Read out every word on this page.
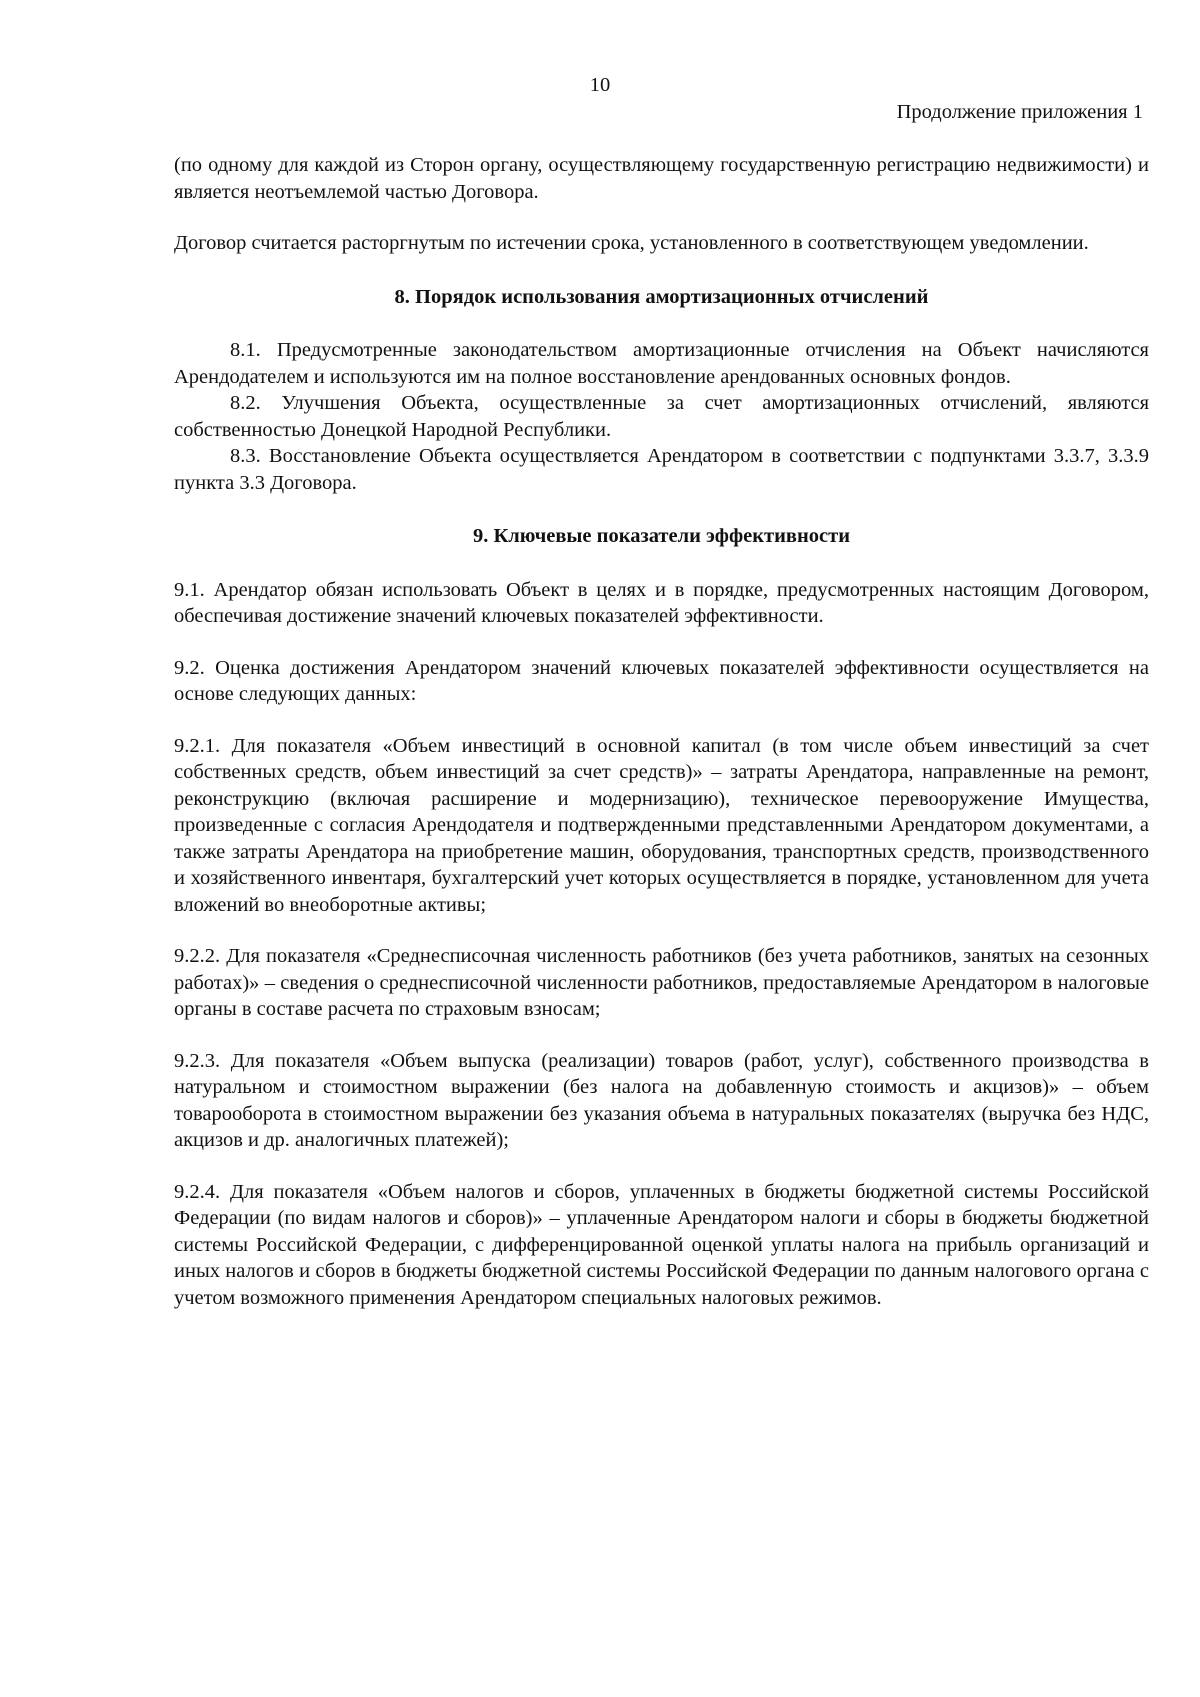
10
Продолжение приложения 1

(по одному для каждой из Сторон органу, осуществляющему государственную регистрацию недвижимости) и является неотъемлемой частью Договора.

Договор считается расторгнутым по истечении срока, установленного в соответствующем уведомлении.

8. Порядок использования амортизационных отчислений

8.1. Предусмотренные законодательством амортизационные отчисления на Объект начисляются Арендодателем и используются им на полное восстановление арендованных основных фондов.

8.2. Улучшения Объекта, осуществленные за счет амортизационных отчислений, являются собственностью Донецкой Народной Республики.

8.3. Восстановление Объекта осуществляется Арендатором в соответствии с подпунктами 3.3.7, 3.3.9 пункта 3.3 Договора.

9. Ключевые показатели эффективности

9.1. Арендатор обязан использовать Объект в целях и в порядке, предусмотренных настоящим Договором, обеспечивая достижение значений ключевых показателей эффективности.

9.2. Оценка достижения Арендатором значений ключевых показателей эффективности осуществляется на основе следующих данных:

9.2.1. Для показателя «Объем инвестиций в основной капитал (в том числе объем инвестиций за счет собственных средств, объем инвестиций за счет средств)» – затраты Арендатора, направленные на ремонт, реконструкцию (включая расширение и модернизацию), техническое перевооружение Имущества, произведенные с согласия Арендодателя и подтвержденными представленными Арендатором документами, а также затраты Арендатора на приобретение машин, оборудования, транспортных средств, производственного и хозяйственного инвентаря, бухгалтерский учет которых осуществляется в порядке, установленном для учета вложений во внеоборотные активы;

9.2.2. Для показателя «Среднесписочная численность работников (без учета работников, занятых на сезонных работах)» – сведения о среднесписочной численности работников, предоставляемые Арендатором в налоговые органы в составе расчета по страховым взносам;

9.2.3. Для показателя «Объем выпуска (реализации) товаров (работ, услуг), собственного производства в натуральном и стоимостном выражении (без налога на добавленную стоимость и акцизов)» – объем товарооборота в стоимостном выражении без указания объема в натуральных показателях (выручка без НДС, акцизов и др. аналогичных платежей);

9.2.4. Для показателя «Объем налогов и сборов, уплаченных в бюджеты бюджетной системы Российской Федерации (по видам налогов и сборов)» – уплаченные Арендатором налоги и сборы в бюджеты бюджетной системы Российской Федерации, с дифференцированной оценкой уплаты налога на прибыль организаций и иных налогов и сборов в бюджеты бюджетной системы Российской Федерации по данным налогового органа с учетом возможного применения Арендатором специальных налоговых режимов.
